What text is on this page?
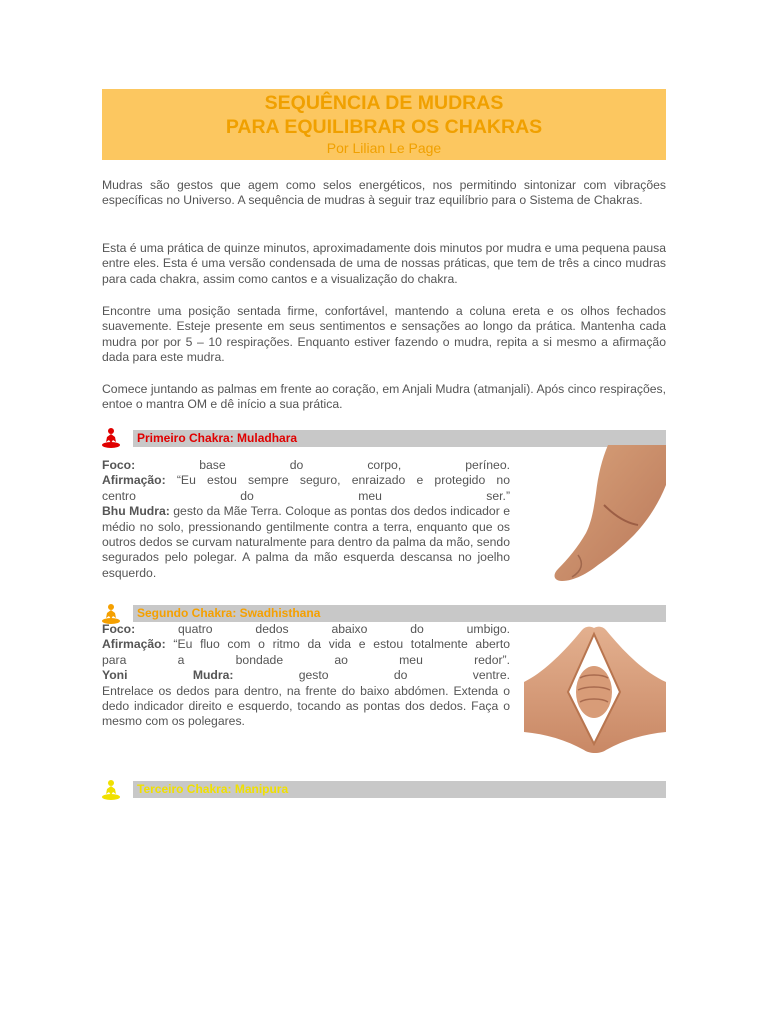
SEQUÊNCIA DE MUDRAS
PARA EQUILIBRAR OS CHAKRAS
Por Lilian Le Page

Mudras são gestos que agem como selos energéticos, nos permitindo sintonizar com vibrações específicas no Universo. A sequência de mudras à seguir traz equilíbrio para o Sistema de Chakras.

Esta é uma prática de quinze minutos, aproximadamente dois minutos por mudra e uma pequena pausa entre eles. Esta é uma versão condensada de uma de nossas práticas, que tem de três a cinco mudras para cada chakra, assim como cantos e a visualização do chakra.

Encontre uma posição sentada firme, confortável, mantendo a coluna ereta e os olhos fechados suavemente. Esteje presente em seus sentimentos e sensações ao longo da prática. Mantenha cada mudra por por 5 – 10 respirações. Enquanto estiver fazendo o mudra, repita a si mesmo a afirmação dada para este mudra.

Comece juntando as palmas em frente ao coração, em Anjali Mudra (atmanjali). Após cinco respirações, entoe o mantra OM e dê início a sua prática.

Primeiro Chakra: Muladhara
Foco:	base do corpo, períneo.
Afirmação: “Eu estou sempre seguro, enraizado e protegido no
centro do meu ser.”
Bhu Mudra: gesto da Mãe Terra. Coloque as pontas dos dedos indicador e médio no solo, pressionando gentilmente contra a terra, enquanto que os outros dedos se curvam naturalmente para dentro da palma da mão, sendo segurados pelo polegar. A palma da mão esquerda descansa no joelho esquerdo.
Segundo Chakra: Swadhisthana
Foco:	quatro dedos abaixo do umbigo.
Afirmação: “Eu fluo com o ritmo da vida e estou totalmente aberto
para a bondade ao meu redor”.
Yoni	Mudra:	gesto do ventre.
Entrelace os dedos para dentro, na frente do baixo abdómen. Extenda o dedo indicador direito e esquerdo, tocando as pontas dos dedos. Faça o mesmo com os polegares.
Terceiro Chakra: Manipura
